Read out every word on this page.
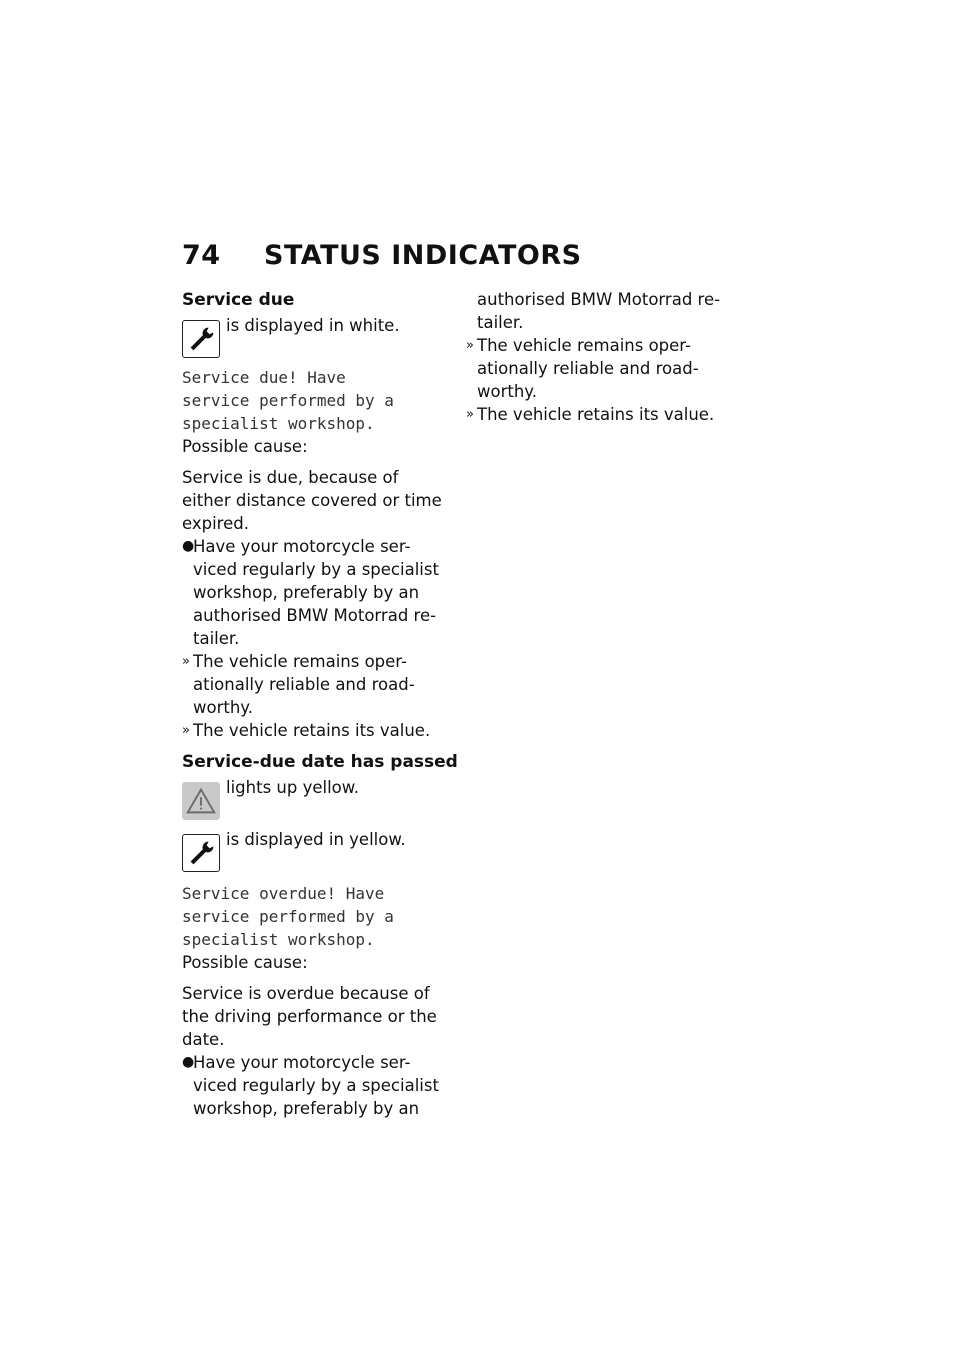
74 STATUS INDICATORS
Service due
is displayed in white.
Service due! Have
service performed by a
specialist workshop.

Possible cause:

Service is due, because of

either distance covered or time

expired.

●
Have your motorcycle ser-
viced regularly by a specialist
workshop, preferably by an
authorised BMW Motorrad re-
tailer.
» The vehicle remains oper-
ationally reliable and road-
worthy.
» The vehicle retains its value.
Service-due date has passed
lights up yellow.
is displayed in yellow.
Service overdue! Have
service performed by a
specialist workshop.

Possible cause:

Service is overdue because of

the driving performance or the

date.

●
Have your motorcycle ser-
viced regularly by a specialist
workshop, preferably by an
authorised BMW Motorrad re-
tailer.
» The vehicle remains oper-
ationally reliable and road-
worthy.
» The vehicle retains its value.
